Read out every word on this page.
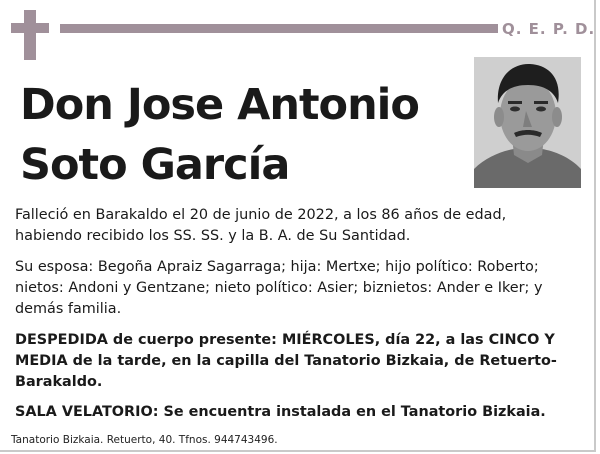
Q. E. P. D.
Don Jose Antonio
Soto García
Falleció en Barakaldo el 20 de junio de 2022, a los 86 años de edad, habiendo recibido los SS. SS. y la B. A. de Su Santidad.
Su esposa: Begoña Apraiz Sagarraga; hija: Mertxe; hijo político: Roberto; nietos: Andoni y Gentzane; nieto político: Asier; biznietos: Ander e Iker; y demás familia.
DESPEDIDA de cuerpo presente: MIÉRCOLES, día 22, a las CINCO Y MEDIA de la tarde, en la capilla del Tanatorio Bizkaia, de Retuerto-Barakaldo.
SALA VELATORIO: Se encuentra instalada en el Tanatorio Bizkaia.
Tanatorio Bizkaia. Retuerto, 40. Tfnos. 944743496.
